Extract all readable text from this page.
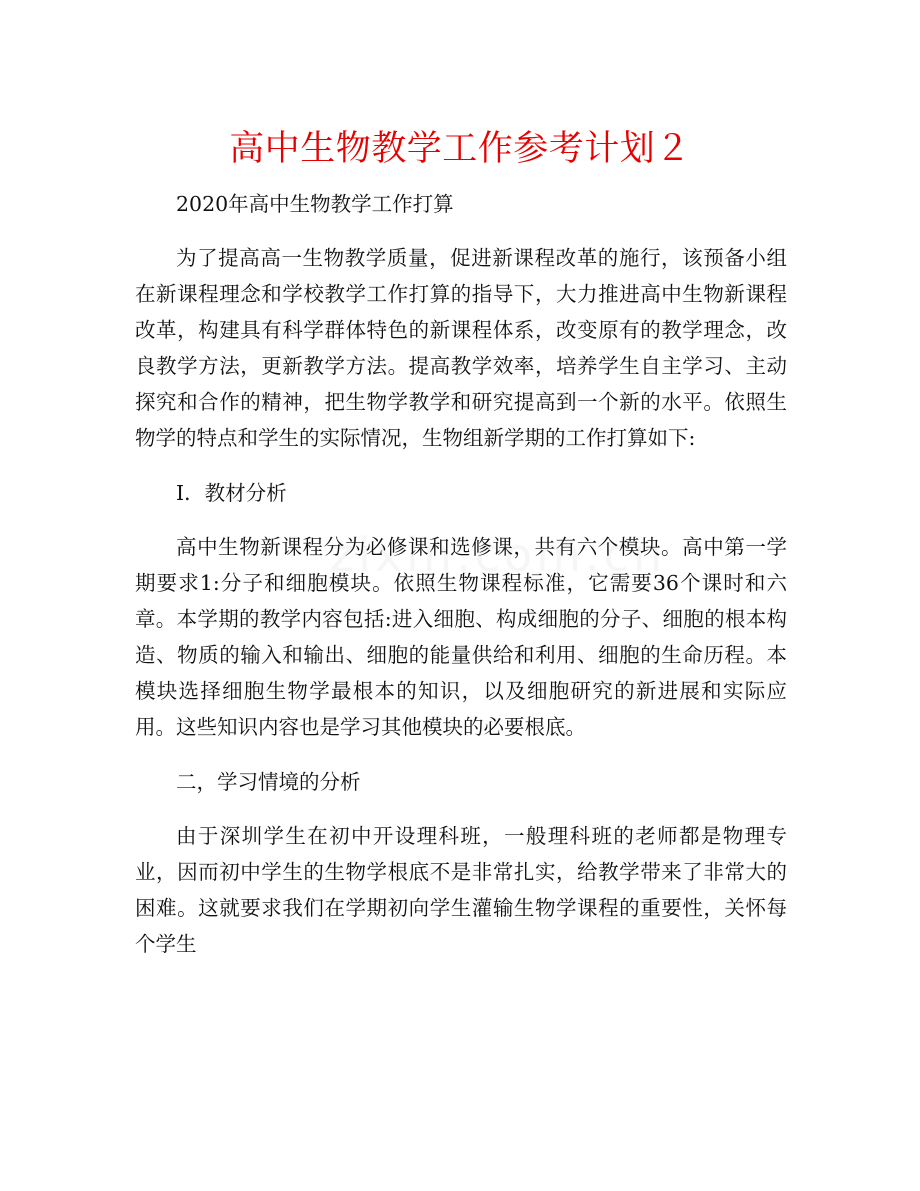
高中生物教学工作参考计划２

2020年高中生物教学工作打算

为了提高高一生物教学质量，促进新课程改革的施行，该预备小组在新课程理念和学校教学工作打算的指导下，大力推进高中生物新课程改革，构建具有科学群体特色的新课程体系，改变原有的教学理念，改良教学方法，更新教学方法。提高教学效率，培养学生自主学习、主动探究和合作的精神，把生物学教学和研究提高到一个新的水平。依照生物学的特点和学生的实际情况，生物组新学期的工作打算如下:

Ⅰ．教材分析

高中生物新课程分为必修课和选修课，共有六个模块。高中第一学期要求1:分子和细胞模块。依照生物课程标准，它需要36个课时和六章。本学期的教学内容包括:进入细胞、构成细胞的分子、细胞的根本构造、物质的输入和输出、细胞的能量供给和利用、细胞的生命历程。本模块选择细胞生物学最根本的知识，以及细胞研究的新进展和实际应用。这些知识内容也是学习其他模块的必要根底。

二，学习情境的分析

由于深圳学生在初中开设理科班，一般理科班的老师都是物理专业，因而初中学生的生物学根底不是非常扎实，给教学带来了非常大的困难。这就要求我们在学期初向学生灌输生物学课程的重要性，关怀每个学生
